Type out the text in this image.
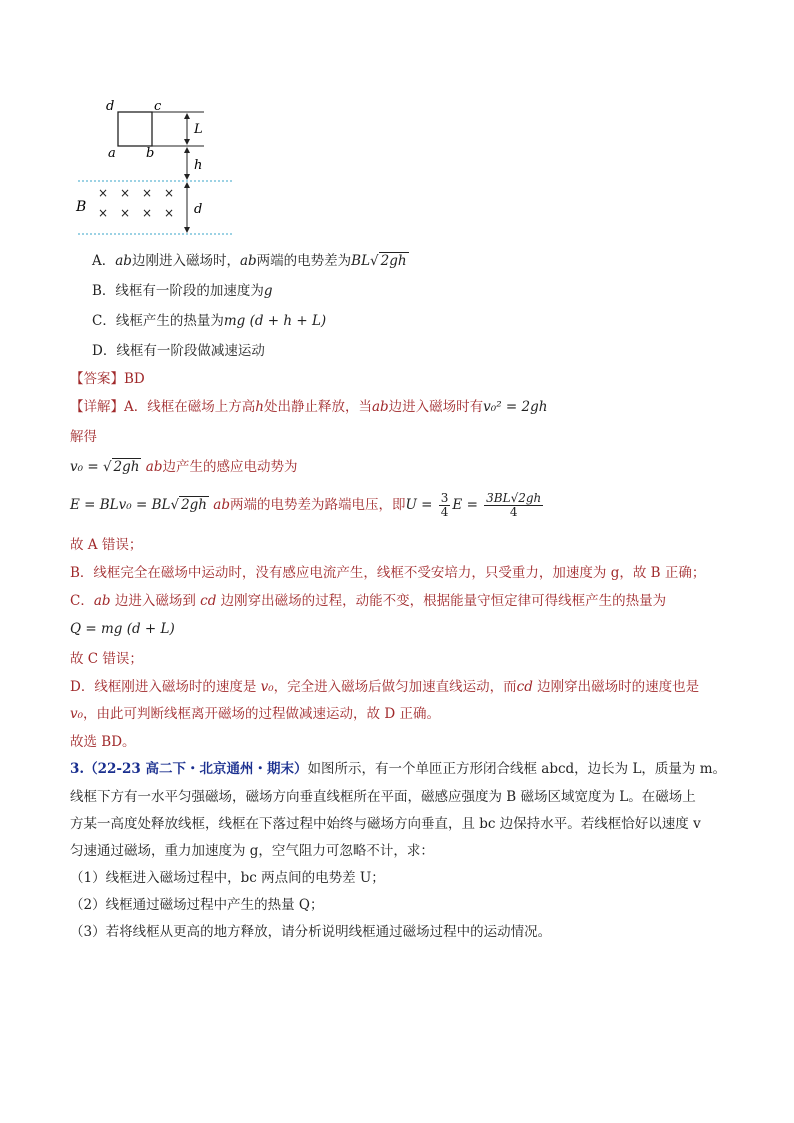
d	c
a b
L
h
d
B
× × × ×
× × × ×
A．ab边刚进入磁场时，ab两端的电势差为BL√ 2gh
B．线框有一阶段的加速度为g
C．线框产生的热量为mg (d + h + L)
D．线框有一阶段做减速运动
【答案】BD
【详解】A．线框在磁场上方高h处出静止释放，当ab边进入磁场时有v₀² = 2gh
解得
v₀ = √ 2gh ab边产生的感应电动势为
E = BLv₀ = BL√ 2gh ab两端的电势差为路端电压，即$U = \frac{3}{4}$ $E = \frac{3BL√2gh}{4}$
故 A 错误；
B．线框完全在磁场中运动时，没有感应电流产生，线框不受安培力，只受重力，加速度为 g，故 B 正确；
C．ab 边进入磁场到 cd 边刚穿出磁场的过程，动能不变，根据能量守恒定律可得线框产生的热量为
Q = mg (d + L)
故 C 错误；
D．线框刚进入磁场时的速度是 v₀，完全进入磁场后做匀加速直线运动，而cd 边刚穿出磁场时的速度也是
v₀，由此可判断线框离开磁场的过程做减速运动，故 D 正确。
故选 BD。
3.（22-23 高二下・北京通州・期末）如图所示，有一个单匝正方形闭合线框 abcd，边长为 L，质量为 m。
线框下方有一水平匀强磁场，磁场方向垂直线框所在平面，磁感应强度为 B 磁场区域宽度为 L。在磁场上
方某一高度处释放线框，线框在下落过程中始终与磁场方向垂直，且 bc 边保持水平。若线框恰好以速度 v
匀速通过磁场，重力加速度为 g，空气阻力可忽略不计，求：
（1）线框进入磁场过程中，bc 两点间的电势差 U；
（2）线框通过磁场过程中产生的热量 Q；
（3）若将线框从更高的地方释放，请分析说明线框通过磁场过程中的运动情况。
